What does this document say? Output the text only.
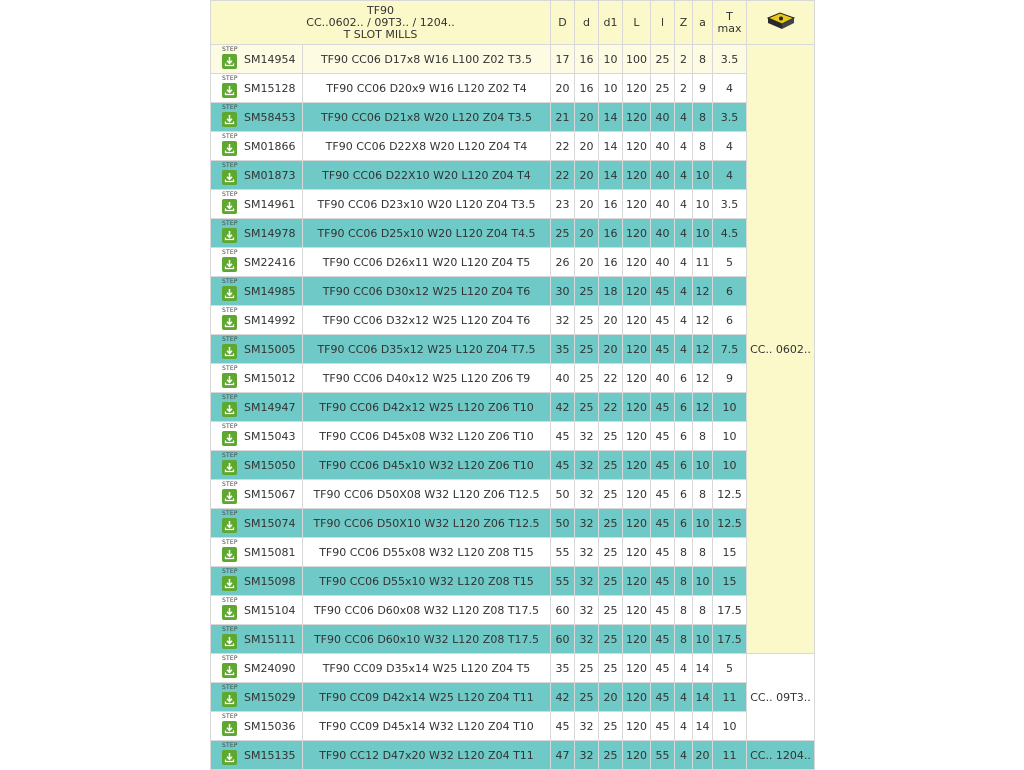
TF90
CC..0602.. / 09T3.. / 1204..
T SLOT MILLS		D	d	d1	L	l	Z	a	T
max

STEP
SM14954	TF90 CC06 D17x8 W16 L100 Z02 T3.5	17	16	10	100	25	2	8	3.5	CC.. 0602..

STEP
SM15128	TF90 CC06 D20x9 W16 L120 Z02 T4	20	16	10	120	25	2	9	4	

STEP
SM58453	TF90 CC06 D21x8 W20 L120 Z04 T3.5	21	20	14	120	40	4	8	3.5	

STEP
SM01866	TF90 CC06 D22X8 W20 L120 Z04 T4	22	20	14	120	40	4	8	4	

STEP
SM01873	TF90 CC06 D22X10 W20 L120 Z04 T4	22	20	14	120	40	4	10	4	

STEP
SM14961	TF90 CC06 D23x10 W20 L120 Z04 T3.5	23	20	16	120	40	4	10	3.5	

STEP
SM14978	TF90 CC06 D25x10 W20 L120 Z04 T4.5	25	20	16	120	40	4	10	4.5	

STEP
SM22416	TF90 CC06 D26x11 W20 L120 Z04 T5	26	20	16	120	40	4	11	5	

STEP
SM14985	TF90 CC06 D30x12 W25 L120 Z04 T6	30	25	18	120	45	4	12	6	

STEP
SM14992	TF90 CC06 D32x12 W25 L120 Z04 T6	32	25	20	120	45	4	12	6	

STEP
SM15005	TF90 CC06 D35x12 W25 L120 Z04 T7.5	35	25	20	120	45	4	12	7.5	

STEP
SM15012	TF90 CC06 D40x12 W25 L120 Z06 T9	40	25	22	120	40	6	12	9	

STEP
SM14947	TF90 CC06 D42x12 W25 L120 Z06 T10	42	25	22	120	45	6	12	10	

STEP
SM15043	TF90 CC06 D45x08 W32 L120 Z06 T10	45	32	25	120	45	6	8	10	

STEP
SM15050	TF90 CC06 D45x10 W32 L120 Z06 T10	45	32	25	120	45	6	10	10	

STEP
SM15067	TF90 CC06 D50X08 W32 L120 Z06 T12.5	50	32	25	120	45	6	8	12.5	

STEP
SM15074	TF90 CC06 D50X10 W32 L120 Z06 T12.5	50	32	25	120	45	6	10	12.5	

STEP
SM15081	TF90 CC06 D55x08 W32 L120 Z08 T15	55	32	25	120	45	8	8	15	

STEP
SM15098	TF90 CC06 D55x10 W32 L120 Z08 T15	55	32	25	120	45	8	10	15	

STEP
SM15104	TF90 CC06 D60x08 W32 L120 Z08 T17.5	60	32	25	120	45	8	8	17.5	

STEP
SM15111	TF90 CC06 D60x10 W32 L120 Z08 T17.5	60	32	25	120	45	8	10	17.5	

STEP
SM24090	TF90 CC09 D35x14 W25 L120 Z04 T5	35	25	25	120	45	4	14	5	CC.. 09T3..

STEP
SM15029	TF90 CC09 D42x14 W25 L120 Z04 T11	42	25	20	120	45	4	14	11	

STEP
SM15036	TF90 CC09 D45x14 W32 L120 Z04 T10	45	32	25	120	45	4	14	10	

STEP
SM15135	TF90 CC12 D47x20 W32 L120 Z04 T11	47	32	25	120	55	4	20	11	CC.. 1204..
